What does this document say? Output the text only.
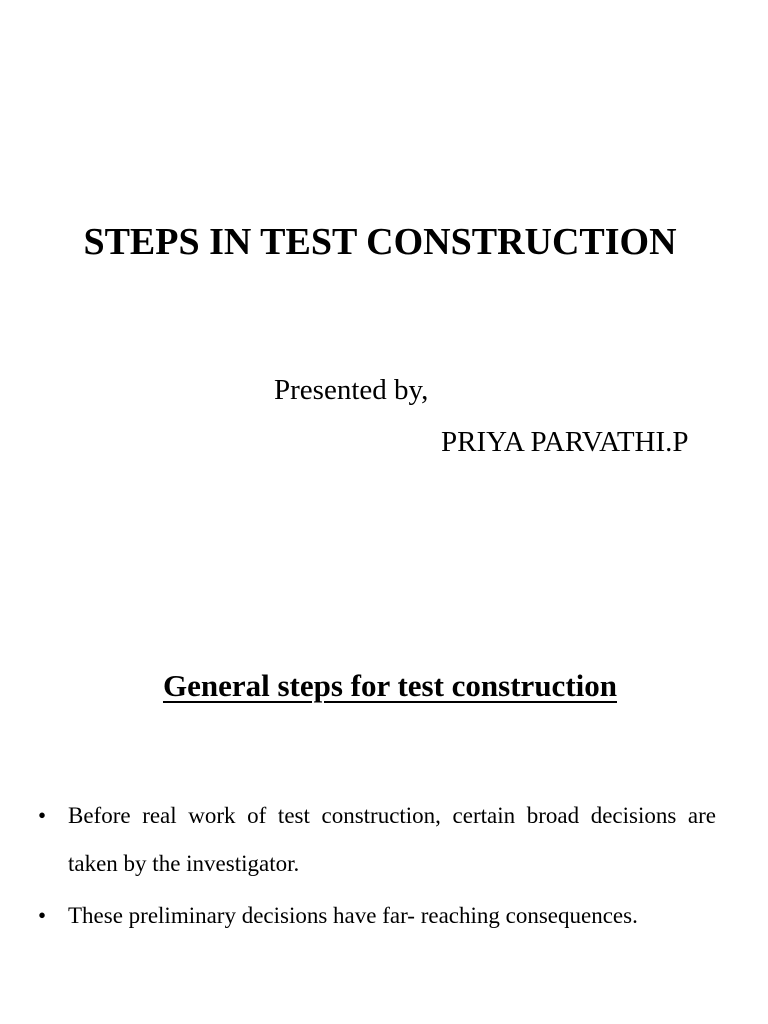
STEPS IN TEST CONSTRUCTION

Presented by,

PRIYA PARVATHI.P

General steps for test construction
• Before real work of test construction, certain broad decisions are taken by the investigator.
• These preliminary decisions have far- reaching consequences.
